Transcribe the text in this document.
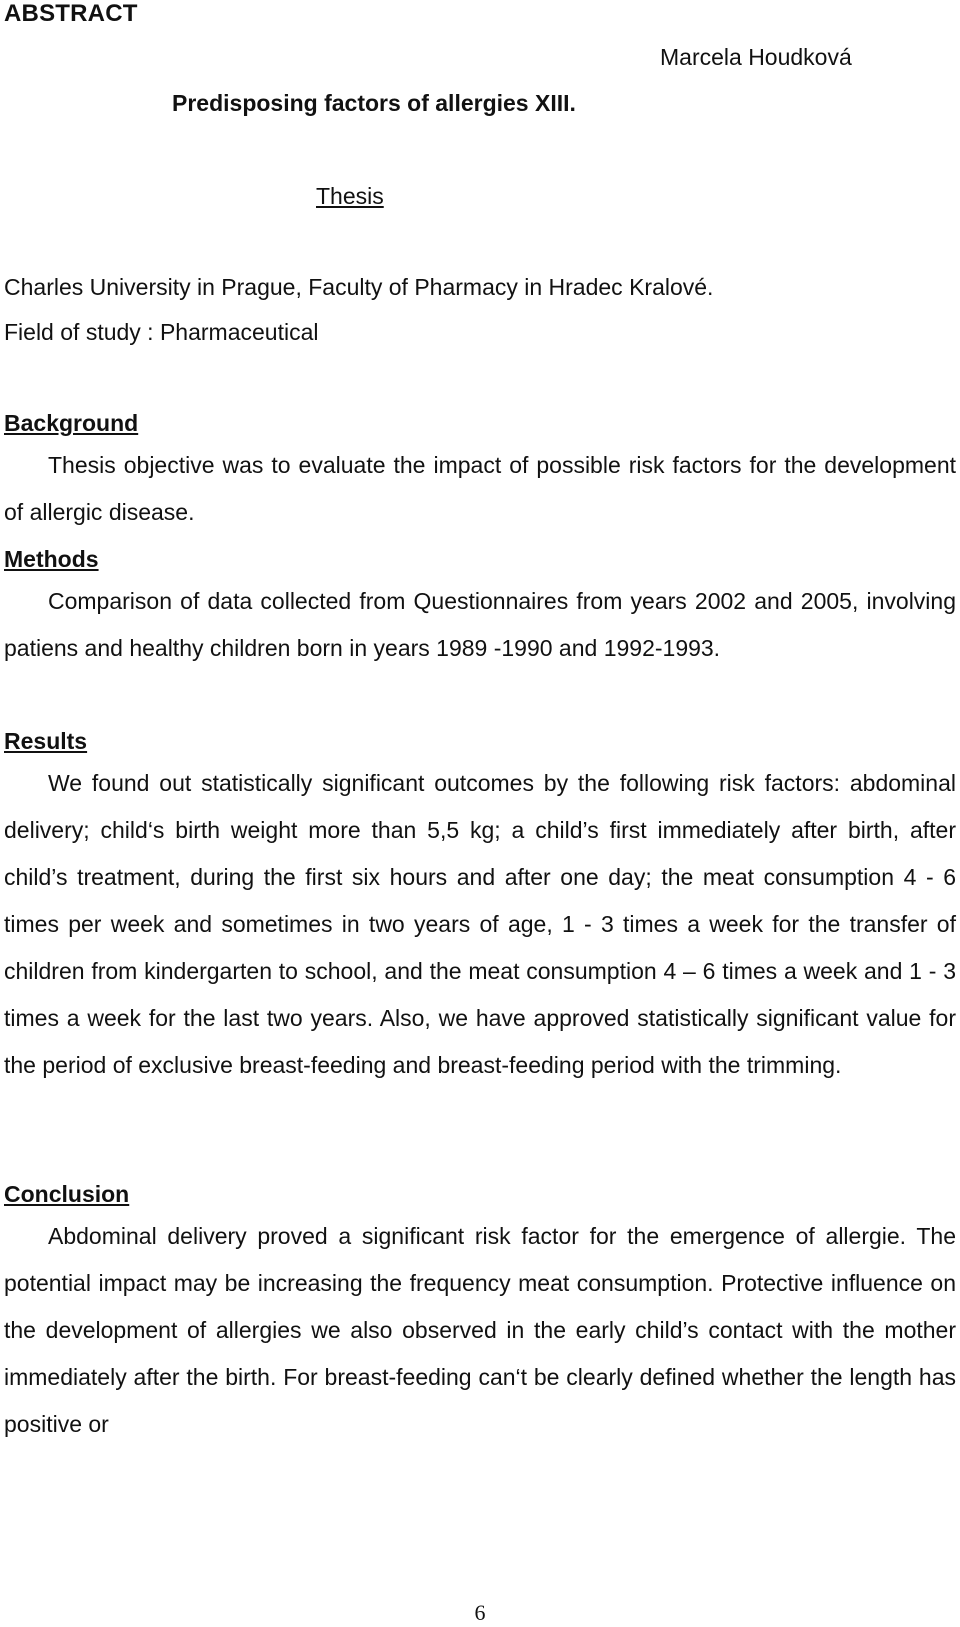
ABSTRACT
Marcela Houdková
Predisposing factors of allergies XIII.
Thesis
Charles University in Prague, Faculty of Pharmacy in Hradec Kralové.
Field of study : Pharmaceutical
Background

Thesis objective was to evaluate the impact of possible risk factors for the development of allergic disease.

Methods

Comparison of data collected from Questionnaires from years 2002 and 2005, involving patiens and healthy children born in years 1989 -1990 and 1992-1993.

Results

We found out statistically significant outcomes by the following risk factors: abdominal delivery; child‘s birth weight more than 5,5 kg; a child’s first immediately after birth, after child’s treatment, during the first six hours and after one day; the meat consumption 4 - 6 times per week and sometimes in two years of age, 1 - 3 times a week for the transfer of children from kindergarten to school, and the meat consumption 4 – 6 times a week and 1 - 3 times a week for the last two years. Also, we have approved statistically significant value for the period of exclusive breast-feeding and breast-feeding period with the trimming.

Conclusion

Abdominal delivery proved a significant risk factor for the emergence of allergie. The potential impact may be increasing the frequency meat consumption. Protective influence on the development of allergies we also observed in the early child’s contact with the mother immediately after the birth. For breast-feeding can‘t be clearly defined whether the length has positive or

6
